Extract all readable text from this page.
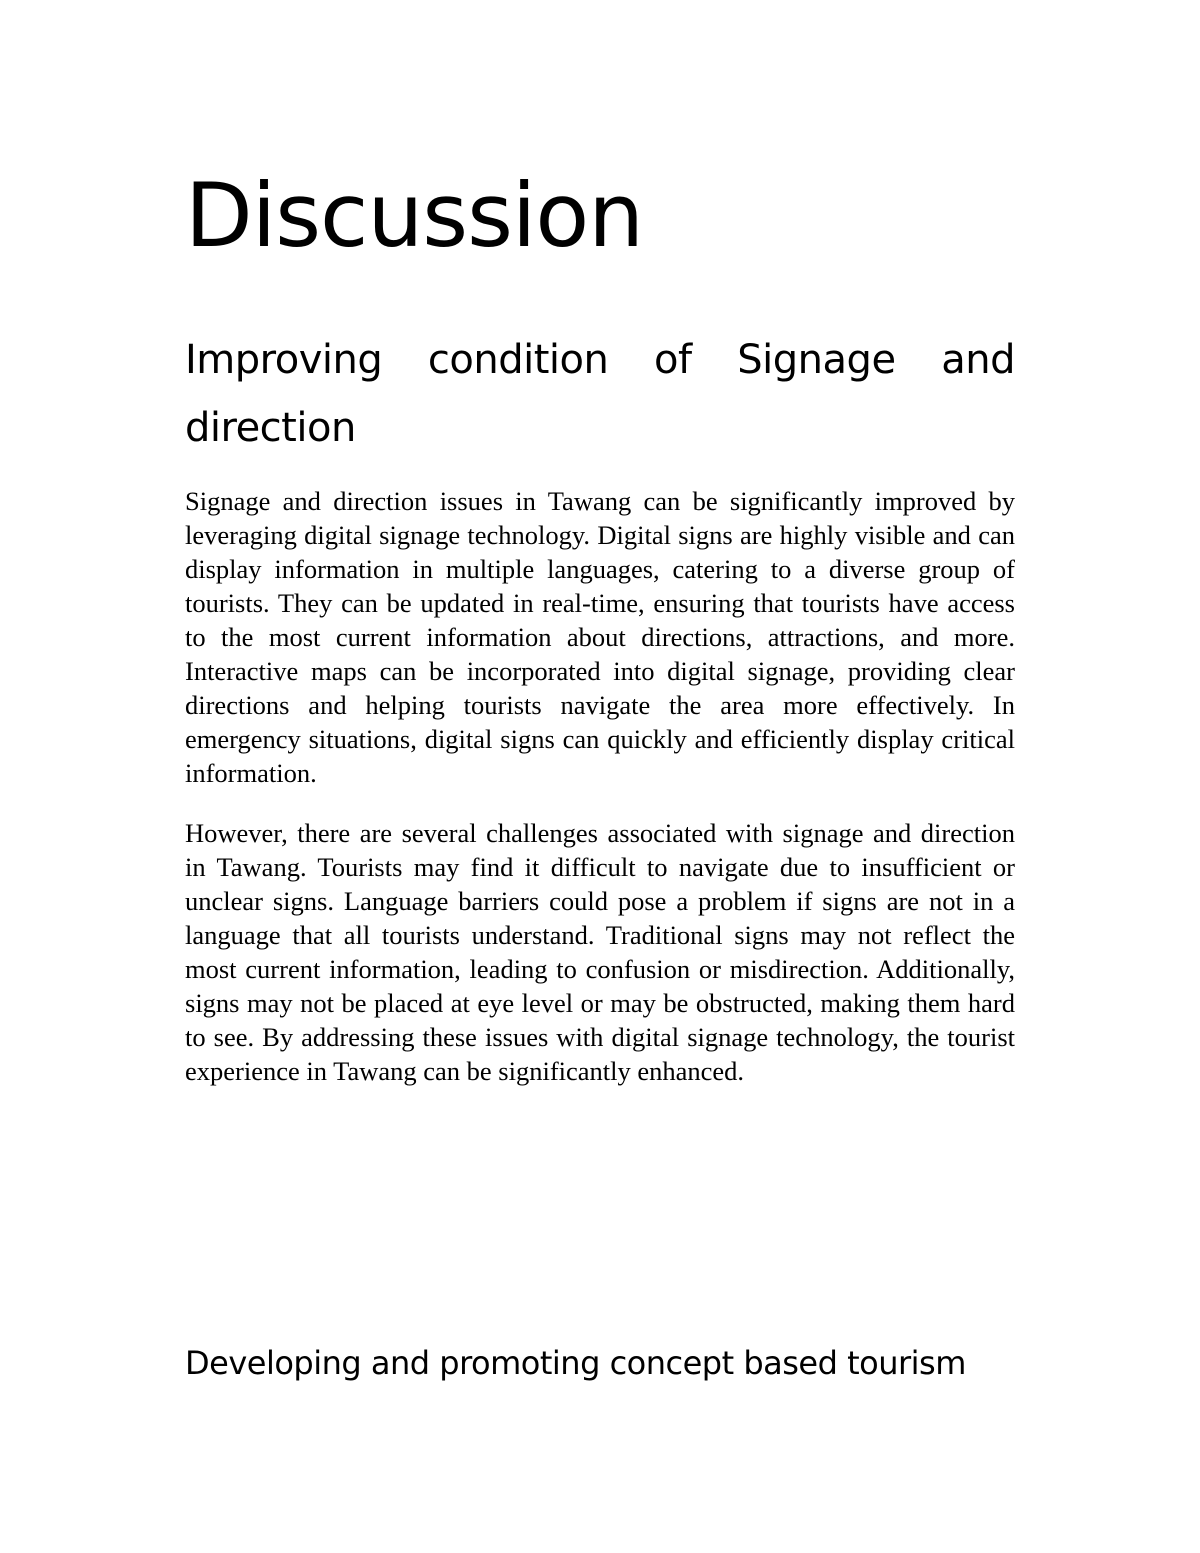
Discussion
Improving condition of Signage and direction

Signage and direction issues in Tawang can be significantly improved by leveraging digital signage technology. Digital signs are highly visible and can display information in multiple languages, catering to a diverse group of tourists. They can be updated in real-time, ensuring that tourists have access to the most current information about directions, attractions, and more. Interactive maps can be incorporated into digital signage, providing clear directions and helping tourists navigate the area more effectively. In emergency situations, digital signs can quickly and efficiently display critical information.

However, there are several challenges associated with signage and direction in Tawang. Tourists may find it difficult to navigate due to insufficient or unclear signs. Language barriers could pose a problem if signs are not in a language that all tourists understand. Traditional signs may not reflect the most current information, leading to confusion or misdirection. Additionally, signs may not be placed at eye level or may be obstructed, making them hard to see. By addressing these issues with digital signage technology, the tourist experience in Tawang can be significantly enhanced.

Developing and promoting concept based tourism
